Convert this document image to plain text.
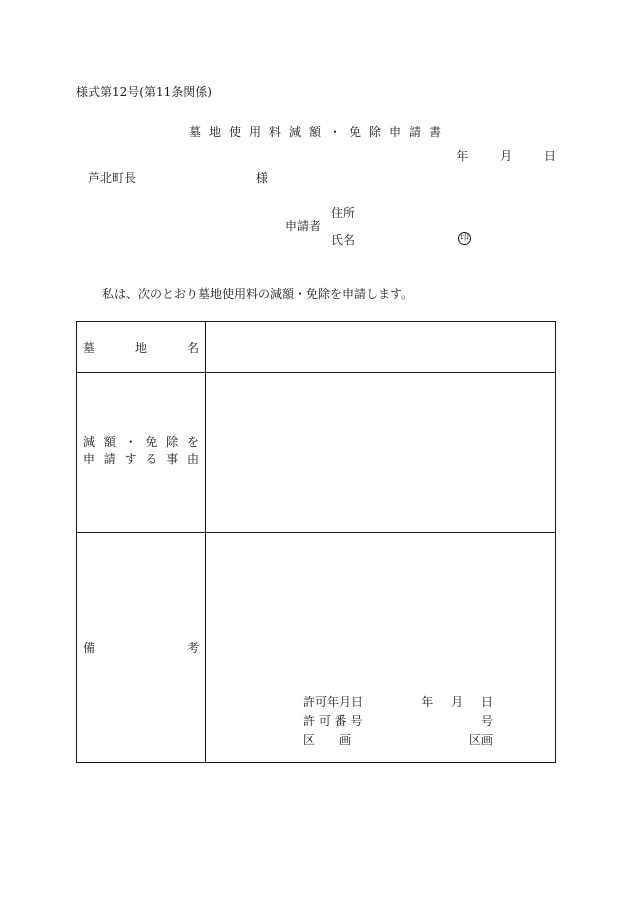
様式第12号(第11条関係)
墓地使用料減額・免除申請書
年	月	日
芦北町長	様
申請者
住所
氏名	印
私は、次のとおり墓地使用料の減額・免除を申請します。
墓	地	名
減 額 ・ 免 除 を
申 請 す る 事 由
備	考
許可年月日	年 月 日
許 可 番 号	号
区　　画	区画
